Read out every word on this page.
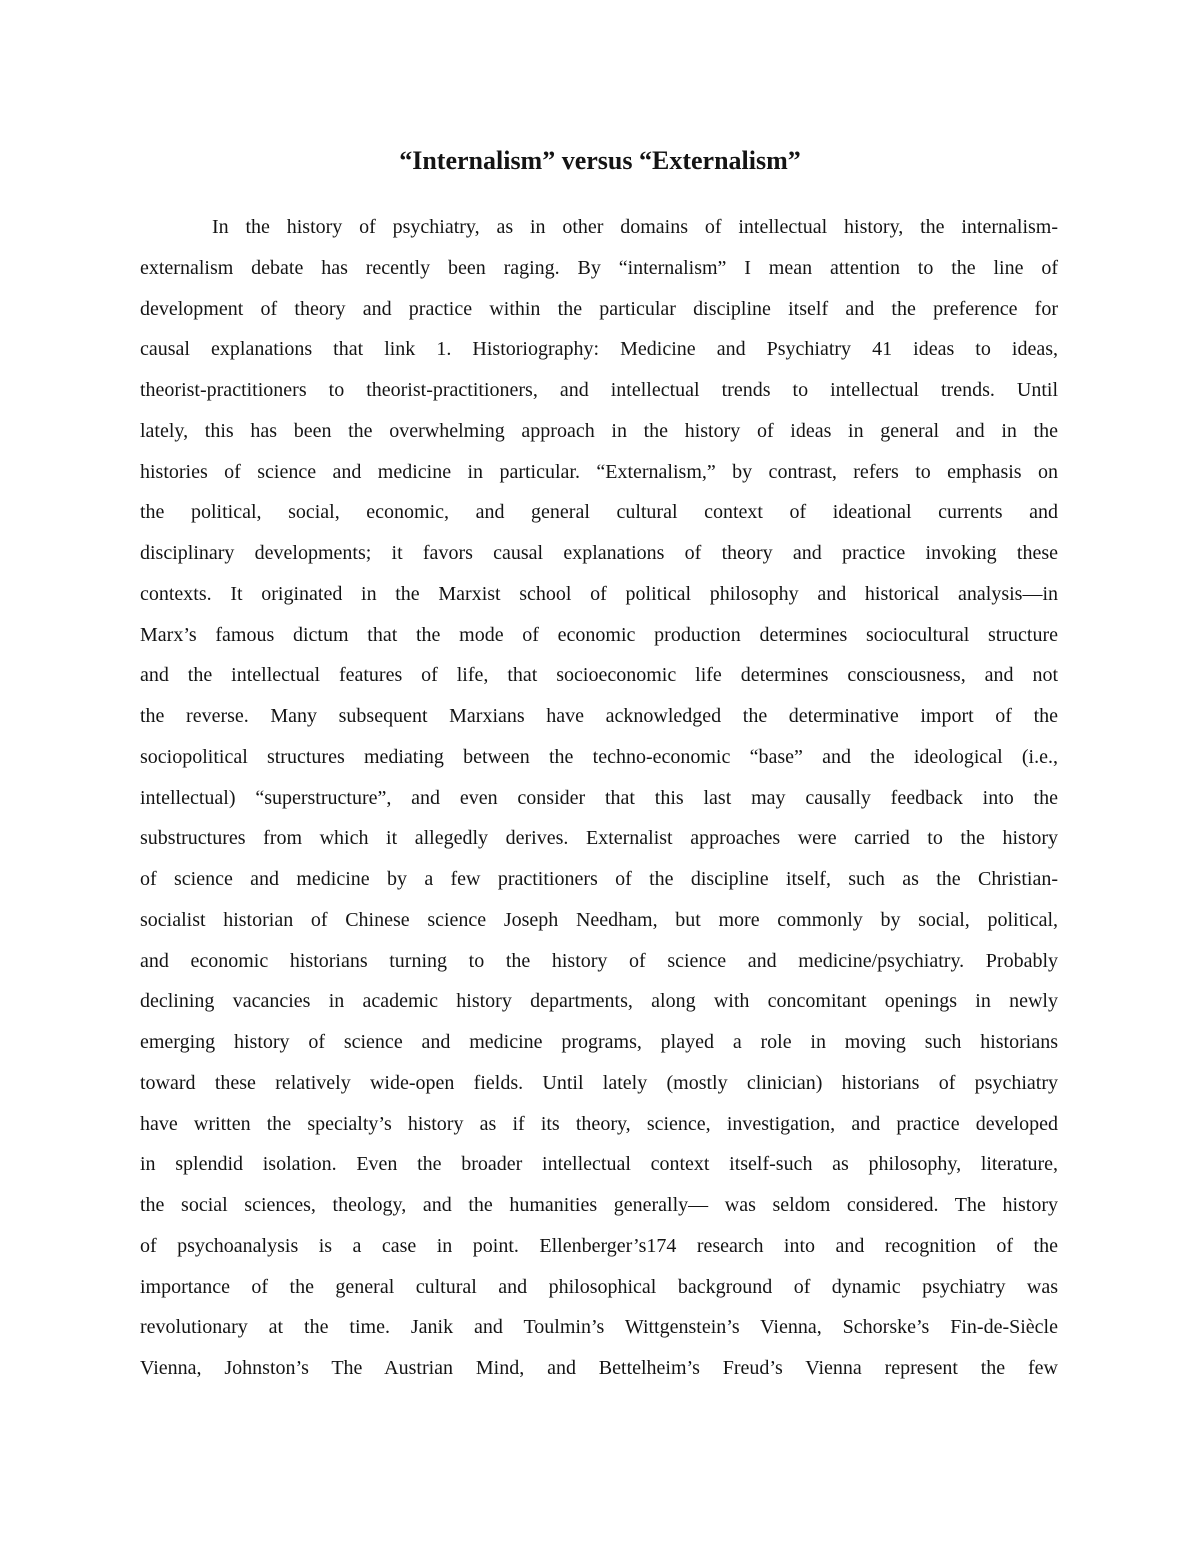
“Internalism” versus “Externalism”
In the history of psychiatry, as in other domains of intellectual history, the internalism-
externalism debate has recently been raging. By “internalism” I mean attention to the line of
development of theory and practice within the particular discipline itself and the preference for
causal explanations that link 1. Historiography: Medicine and Psychiatry 41 ideas to ideas,
theorist-practitioners to theorist-practitioners, and intellectual trends to intellectual trends. Until
lately, this has been the overwhelming approach in the history of ideas in general and in the
histories of science and medicine in particular. “Externalism,” by contrast, refers to emphasis on
the political, social, economic, and general cultural context of ideational currents and
disciplinary developments; it favors causal explanations of theory and practice invoking these
contexts. It originated in the Marxist school of political philosophy and historical analysis—in
Marx’s famous dictum that the mode of economic production determines sociocultural structure
and the intellectual features of life, that socioeconomic life determines consciousness, and not
the reverse. Many subsequent Marxians have acknowledged the determinative import of the
sociopolitical structures mediating between the techno-economic “base” and the ideological (i.e.,
intellectual) “superstructure”, and even consider that this last may causally feedback into the
substructures from which it allegedly derives. Externalist approaches were carried to the history
of science and medicine by a few practitioners of the discipline itself, such as the Christian-
socialist historian of Chinese science Joseph Needham, but more commonly by social, political,
and economic historians turning to the history of science and medicine/psychiatry. Probably
declining vacancies in academic history departments, along with concomitant openings in newly
emerging history of science and medicine programs, played a role in moving such historians
toward these relatively wide-open fields. Until lately (mostly clinician) historians of psychiatry
have written the specialty’s history as if its theory, science, investigation, and practice developed
in splendid isolation. Even the broader intellectual context itself-such as philosophy, literature,
the social sciences, theology, and the humanities generally— was seldom considered. The history
of psychoanalysis is a case in point. Ellenberger’s174 research into and recognition of the
importance of the general cultural and philosophical background of dynamic psychiatry was
revolutionary at the time. Janik and Toulmin’s Wittgenstein’s Vienna, Schorske’s Fin-de-Siècle
Vienna, Johnston’s The Austrian Mind, and Bettelheim’s Freud’s Vienna represent the few
